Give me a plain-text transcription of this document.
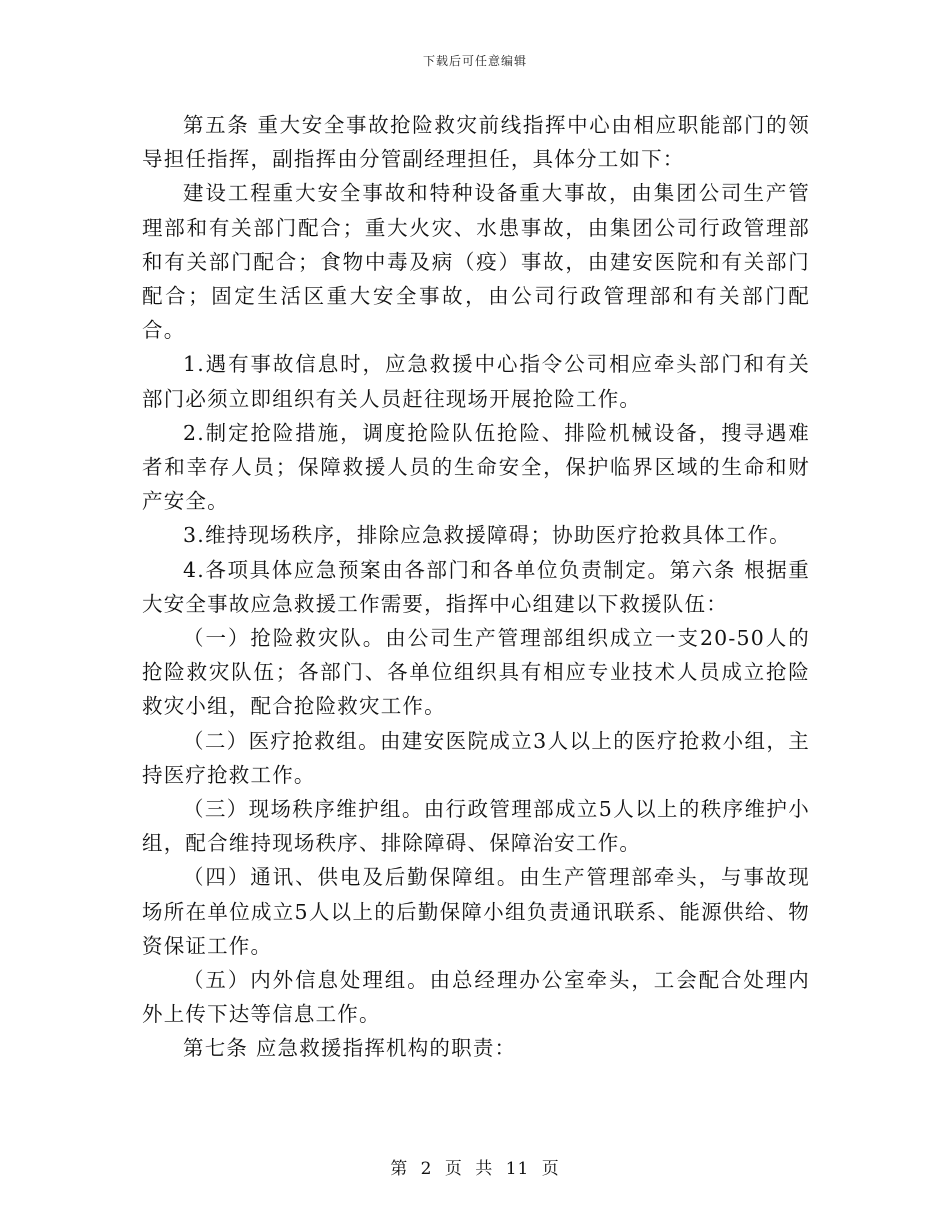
下载后可任意编辑

第五条 重大安全事故抢险救灾前线指挥中心由相应职能部门的领导担任指挥，副指挥由分管副经理担任，具体分工如下：

建设工程重大安全事故和特种设备重大事故，由集团公司生产管理部和有关部门配合；重大火灾、水患事故，由集团公司行政管理部和有关部门配合；食物中毒及病（疫）事故，由建安医院和有关部门配合；固定生活区重大安全事故，由公司行政管理部和有关部门配合。

1.遇有事故信息时，应急救援中心指令公司相应牵头部门和有关部门必须立即组织有关人员赶往现场开展抢险工作。

2.制定抢险措施，调度抢险队伍抢险、排险机械设备，搜寻遇难者和幸存人员；保障救援人员的生命安全，保护临界区域的生命和财产安全。

3.维持现场秩序，排除应急救援障碍；协助医疗抢救具体工作。

4.各项具体应急预案由各部门和各单位负责制定。第六条 根据重大安全事故应急救援工作需要，指挥中心组建以下救援队伍：

（一）抢险救灾队。由公司生产管理部组织成立一支20-50人的抢险救灾队伍；各部门、各单位组织具有相应专业技术人员成立抢险救灾小组，配合抢险救灾工作。

（二）医疗抢救组。由建安医院成立3人以上的医疗抢救小组，主持医疗抢救工作。

（三）现场秩序维护组。由行政管理部成立5人以上的秩序维护小组，配合维持现场秩序、排除障碍、保障治安工作。

（四）通讯、供电及后勤保障组。由生产管理部牵头，与事故现场所在单位成立5人以上的后勤保障小组负责通讯联系、能源供给、物资保证工作。

（五）内外信息处理组。由总经理办公室牵头，工会配合处理内外上传下达等信息工作。

第七条 应急救援指挥机构的职责：

第 2 页 共 11 页
